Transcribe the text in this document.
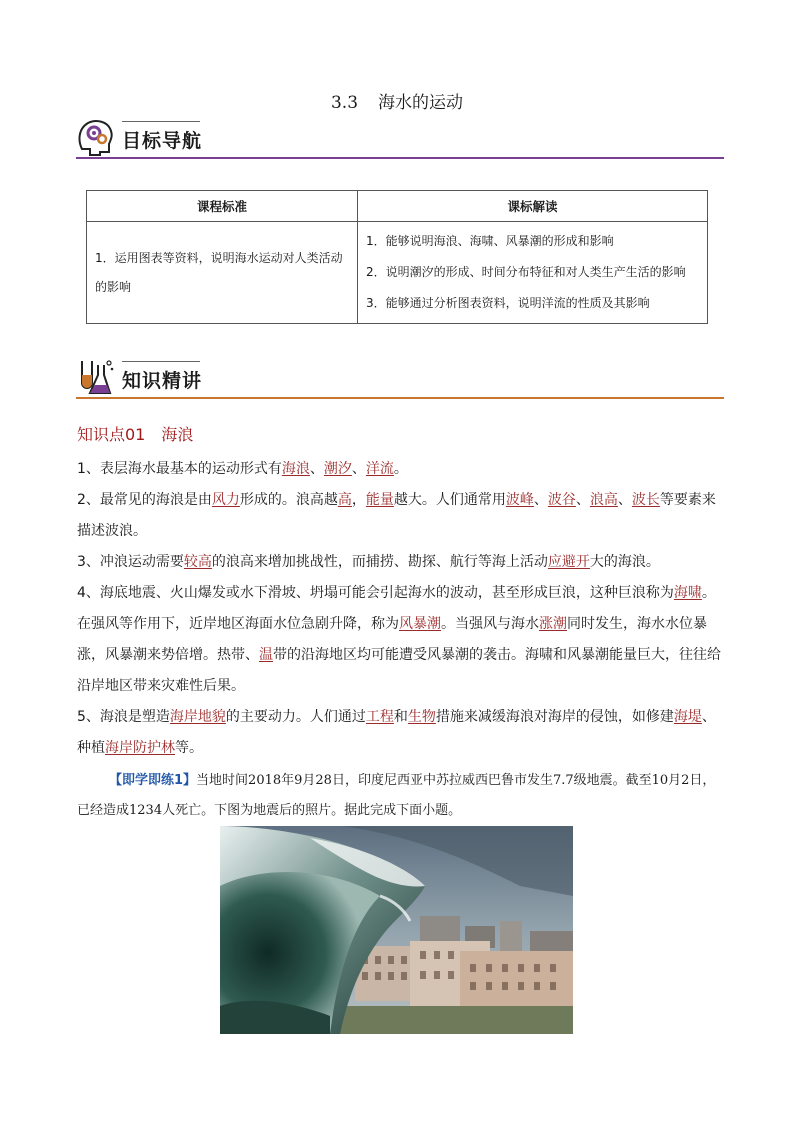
3.3 海水的运动
目标导航
课程标准	课标解读
1．运用图表等资料，说明海水运动对人类活动的影响	1．能够说明海浪、海啸、风暴潮的形成和影响
2．说明潮汐的形成、时间分布特征和对人类生产生活的影响
3．能够通过分析图表资料，说明洋流的性质及其影响
知识精讲
知识点01 海浪
1、表层海水最基本的运动形式有海浪、潮汐、洋流。
2、最常见的海浪是由风力形成的。浪高越高，能量越大。人们通常用波峰、波谷、浪高、波长等要素来描述波浪。
3、冲浪运动需要较高的浪高来增加挑战性，而捕捞、勘探、航行等海上活动应避开大的海浪。
4、海底地震、火山爆发或水下滑坡、坍塌可能会引起海水的波动，甚至形成巨浪，这种巨浪称为海啸。在强风等作用下，近岸地区海面水位急剧升降，称为风暴潮。当强风与海水涨潮同时发生，海水水位暴涨，风暴潮来势倍增。热带、温带的沿海地区均可能遭受风暴潮的袭击。海啸和风暴潮能量巨大，往往给沿岸地区带来灾难性后果。
5、海浪是塑造海岸地貌的主要动力。人们通过工程和生物措施来减缓海浪对海岸的侵蚀，如修建海堤、种植海岸防护林等。
【即学即练1】当地时间2018年9月28日，印度尼西亚中苏拉威西巴鲁市发生7.7级地震。截至10月2日，已经造成1234人死亡。下图为地震后的照片。据此完成下面小题。
